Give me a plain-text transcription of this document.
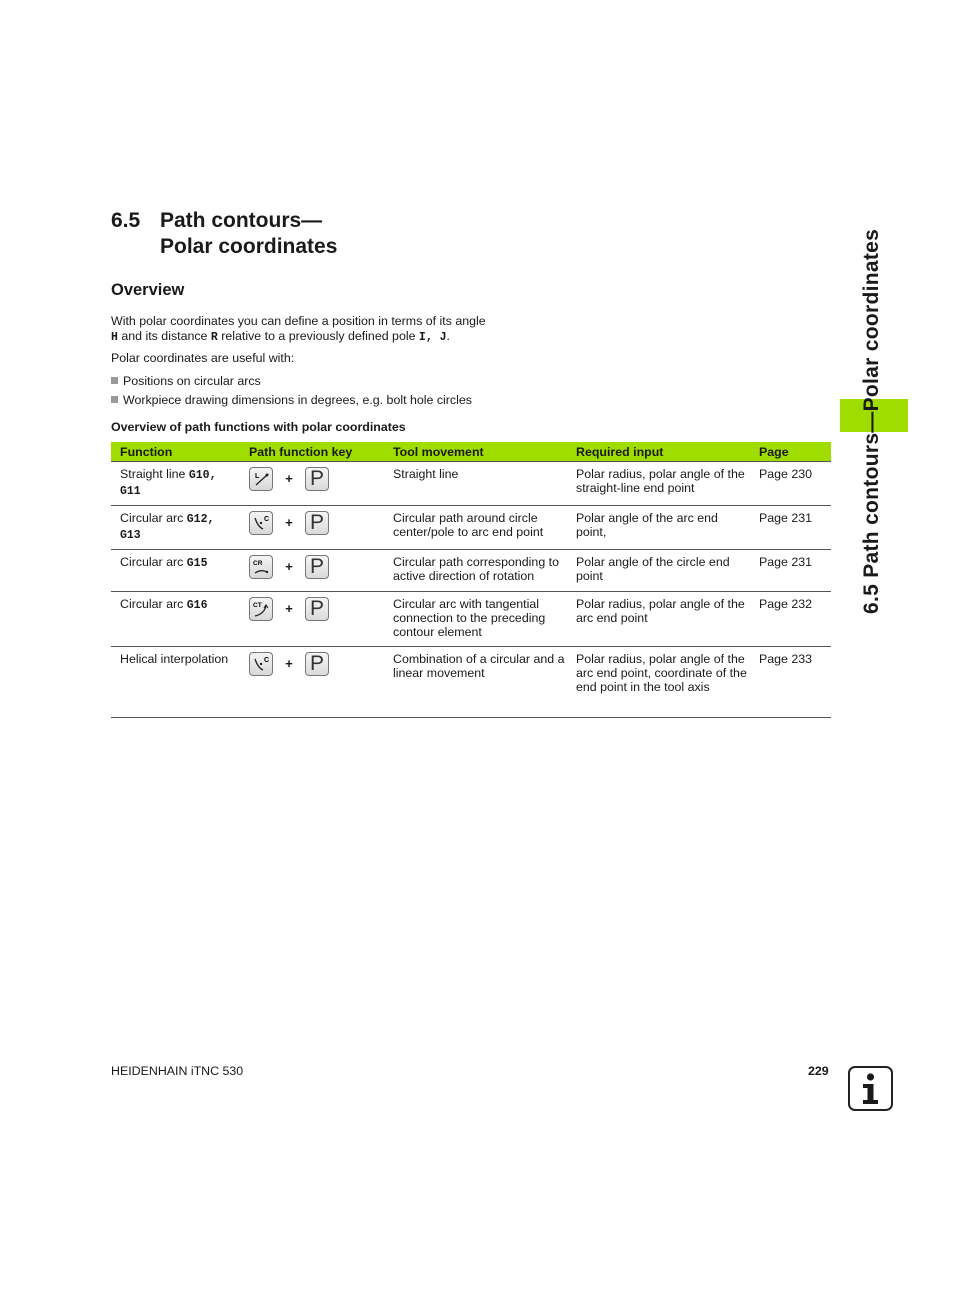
6.5 Path contours—
Polar coordinates
Overview
With polar coordinates you can define a position in terms of its angle
H and its distance R relative to a previously defined pole I, J.
Polar coordinates are useful with:
Positions on circular arcs
Workpiece drawing dimensions in degrees, e.g. bolt hole circles
Overview of path functions with polar coordinates
Function	Path function key	Tool movement	Required input	Page
Straight line G10, G11	L + P	Straight line	Polar radius, polar angle of the straight-line end point	Page 230
Circular arc G12, G13	C + P	Circular path around circle center/pole to arc end point	Polar angle of the arc end point,	Page 231
Circular arc G15	CR + P	Circular path corresponding to active direction of rotation	Polar angle of the circle end point	Page 231
Circular arc G16	CT + P	Circular arc with tangential connection to the preceding contour element	Polar radius, polar angle of the arc end point	Page 232
Helical interpolation	C + P	Combination of a circular and a linear movement	Polar radius, polar angle of the arc end point, coordinate of the end point in the tool axis	Page 233
6.5 Path contours—Polar coordinates
HEIDENHAIN iTNC 530	229
